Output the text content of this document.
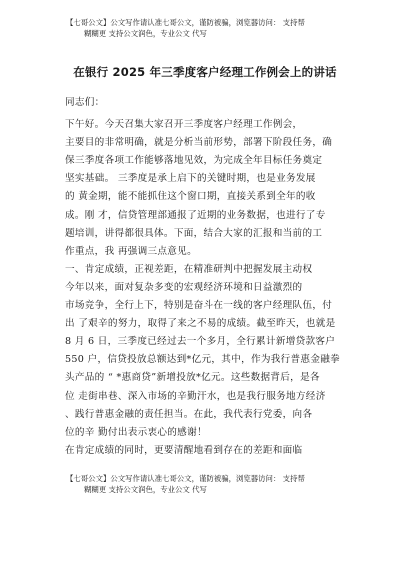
【七哥公文】公文写作请认准七哥公文，谨防被骗，浏览器访问： 支持帮
糊糊更 支持公文润色，专业公文 代写
在银行 2025 年三季度客户经理工作例会上的讲话
同志们：
下午好。今天召集大家召开三季度客户经理工作例会，
主要目的非常明确，就是分析当前形势，部署下阶段任务，确
保三季度各项工作能够落地见效，为完成全年目标任务奠定
坚实基础。 三季度是承上启下的关键时期，也是业务发展
的 黄金期，能不能抓住这个窗口期，直接关系到全年的收
成。刚 才，信贷管理部通报了近期的业务数据，也进行了专
题培训，讲得都很具体。下面，结合大家的汇报和当前的工
作重点，我 再强调三点意见。
一、肯定成绩，正视差距，在精准研判中把握发展主动权
今年以来，面对复杂多变的宏观经济环境和日益激烈的
市场竞争，全行上下，特别是奋斗在一线的客户经理队伍，付
出 了艰辛的努力，取得了来之不易的成绩。截至昨天，也就是
8 月 6 日，三季度已经过去一个多月，全行累计新增贷款客户
550 户，信贷投放总额达到*亿元，其中，作为我行普惠金融拳
头产品的 “ *惠商贷”新增投放*亿元。这些数据背后，是各
位 走街串巷、深入市场的辛勤汗水，也是我行服务地方经济
、践行普惠金融的责任担当。在此，我代表行党委，向各
位的辛 勤付出表示衷心的感谢！
在肯定成绩的同时，更要清醒地看到存在的差距和面临
【七哥公文】公文写作请认准七哥公文，谨防被骗，浏览器访问： 支持帮
糊糊更 支持公文润色，专业公文 代写
